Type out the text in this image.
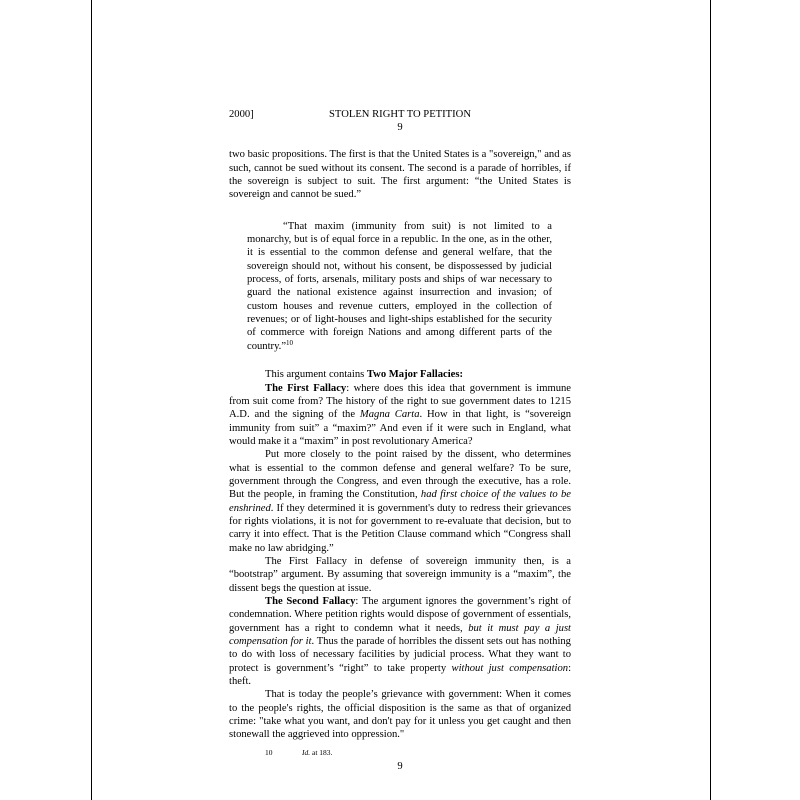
2000]	STOLEN RIGHT TO PETITION
9

two basic propositions. The first is that the United States is a "sovereign," and as such, cannot be sued without its consent. The second is a parade of horribles, if the sovereign is subject to suit. The first argument: “the United States is sovereign and cannot be sued.”

“That maxim (immunity from suit) is not limited to a monarchy, but is of equal force in a republic. In the one, as in the other, it is essential to the common defense and general welfare, that the sovereign should not, without his consent, be dispossessed by judicial process, of forts, arsenals, military posts and ships of war necessary to guard the national existence against insurrection and invasion; of custom houses and revenue cutters, employed in the collection of revenues; or of light-houses and light-ships established for the security of commerce with foreign Nations and among different parts of the country.”$^{10}$

This argument contains Two Major Fallacies:

The First Fallacy: where does this idea that government is immune from suit come from? The history of the right to sue government dates to 1215 A.D. and the signing of the Magna Carta. How in that light, is “sovereign immunity from suit” a “maxim?” And even if it were such in England, what would make it a “maxim” in post revolutionary America?

Put more closely to the point raised by the dissent, who determines what is essential to the common defense and general welfare? To be sure, government through the Congress, and even through the executive, has a role. But the people, in framing the Constitution, had first choice of the values to be enshrined. If they determined it is government's duty to redress their grievances for rights violations, it is not for government to re-evaluate that decision, but to carry it into effect. That is the Petition Clause command which “Congress shall make no law abridging.”

The First Fallacy in defense of sovereign immunity then, is a “bootstrap” argument. By assuming that sovereign immunity is a “maxim”, the dissent begs the question at issue.

The Second Fallacy: The argument ignores the government’s right of condemnation. Where petition rights would dispose of government of essentials, government has a right to condemn what it needs, but it must pay a just compensation for it. Thus the parade of horribles the dissent sets out has nothing to do with loss of necessary facilities by judicial process. What they want to protect is government’s “right” to take property without just compensation: theft.

That is today the people’s grievance with government: When it comes to the people's rights, the official disposition is the same as that of organized crime: "take what you want, and don't pay for it unless you get caught and then stonewall the aggrieved into oppression."

10	Id. at 183.
9
